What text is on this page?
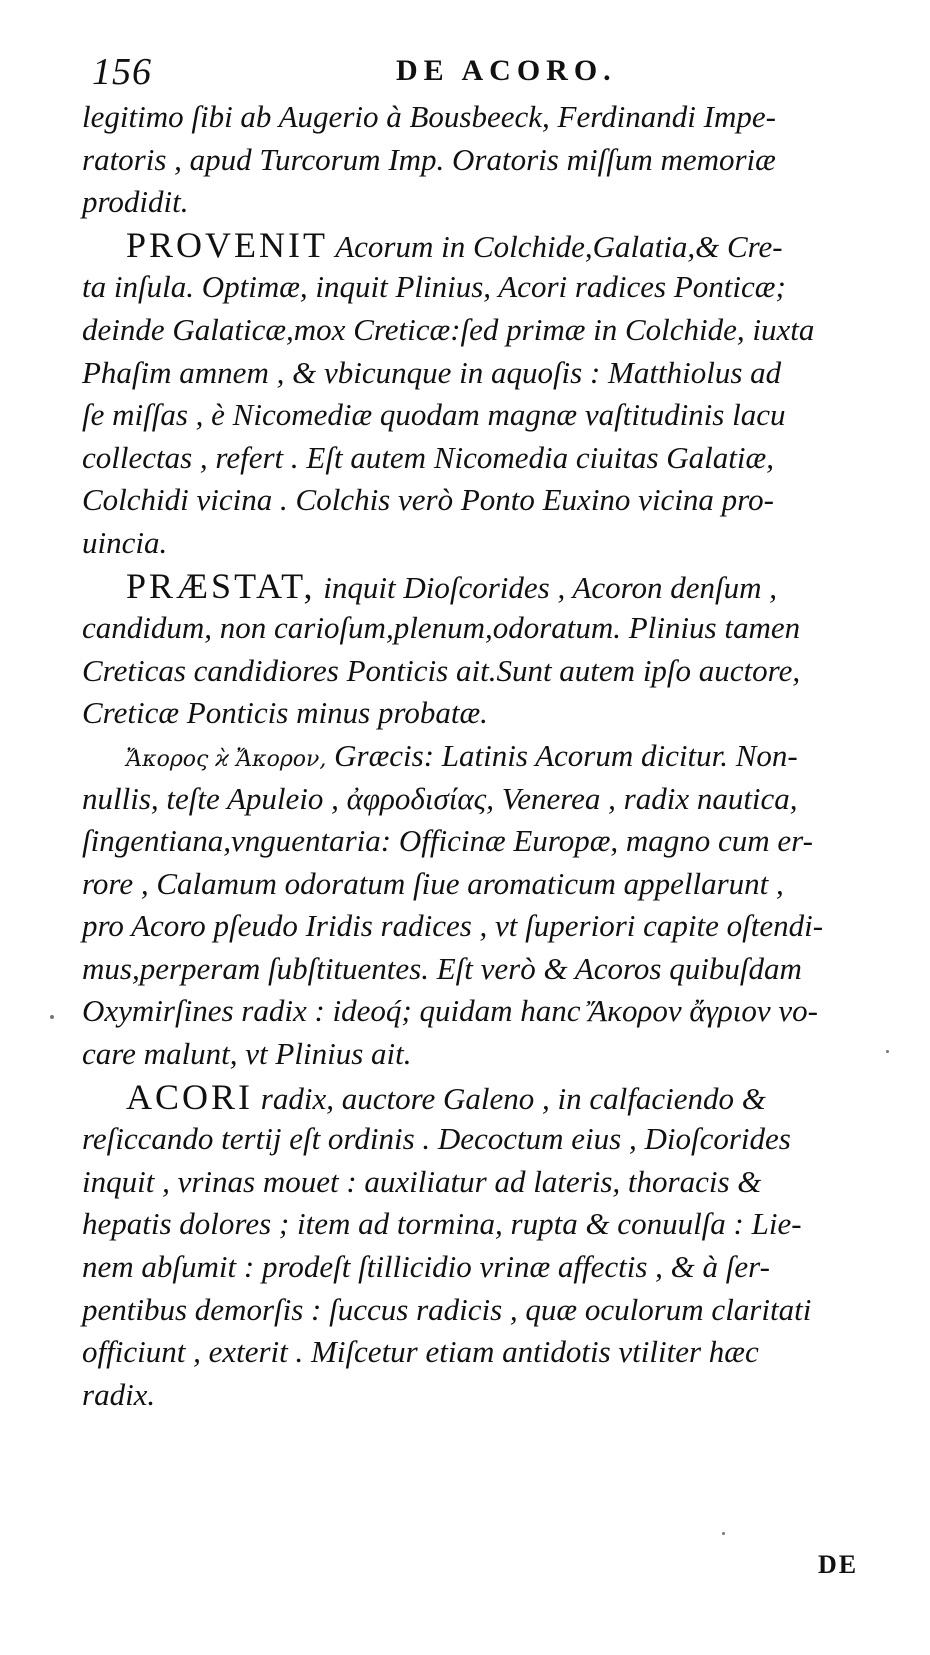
156	DE ACORO.
legitimo ſibi ab Augerio à Bousbeeck, Ferdinandi Impe-
ratoris , apud Turcorum Imp. Oratoris miſſum memoriæ
prodidit.
PROVENIT Acorum in Colchide,Galatia,& Cre-
ta inſula. Optimæ, inquit Plinius, Acori radices Ponticæ;
deinde Galaticæ,mox Creticæ:ſed primæ in Colchide, iuxta
Phaſim amnem , & vbicunque in aquoſis : Matthiolus ad
ſe miſſas , è Nicomediæ quodam magnæ vaſtitudinis lacu
collectas , refert . Eſt autem Nicomedia ciuitas Galatiæ,
Colchidi vicina . Colchis verò Ponto Euxino vicina pro-
uincia.
PRÆSTAT, inquit Dioſcorides , Acoron denſum ,
candidum, non carioſum,plenum,odoratum. Plinius tamen
Creticas candidiores Ponticis ait.Sunt autem ipſo auctore,
Creticæ Ponticis minus probatæ.
Ἄκορος ϰ̀ Ἄκορον, Græcis: Latinis Acorum dicitur. Non-
nullis, teſte Apuleio , ἀφροδισίας, Venerea , radix nautica,
ſingentiana,vnguentaria: Officinæ Europæ, magno cum er-
rore , Calamum odoratum ſiue aromaticum appellarunt ,
pro Acoro pſeudo Iridis radices , vt ſuperiori capite oſtendi-
mus,perperam ſubſtituentes. Eſt verò & Acoros quibuſdam
Oxymirſines radix : ideoq́; quidam hanc Ἄκορον ἄγριον vo-
care malunt, vt Plinius ait.
ACORI radix, auctore Galeno , in calfaciendo &
reſiccando tertij eſt ordinis . Decoctum eius , Dioſcorides
inquit , vrinas mouet : auxiliatur ad lateris, thoracis &
hepatis dolores ; item ad tormina, rupta & conuulſa : Lie-
nem abſumit : prodeſt ſtillicidio vrinæ affectis , & à ſer-
pentibus demorſis : ſuccus radicis , quæ oculorum claritati
officiunt , exterit . Miſcetur etiam antidotis vtiliter hæc
radix.
DE
